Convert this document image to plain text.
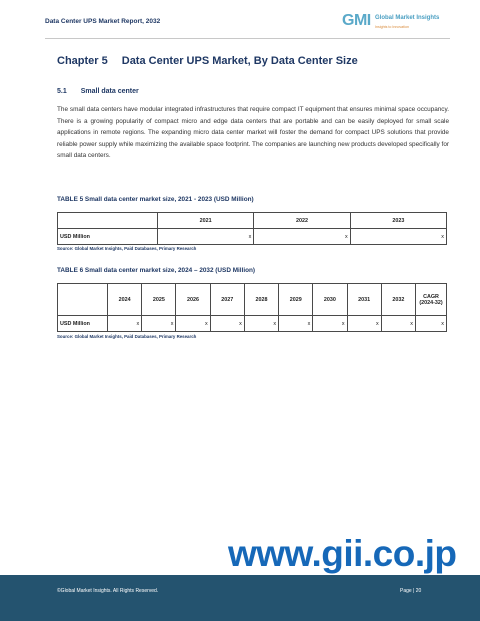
Data Center UPS Market Report, 2032	GMI Global Market Insights
Insights to Innovation
Chapter 5 Data Center UPS Market, By Data Center Size
5.1 Small data center
The small data centers have modular integrated infrastructures that require compact IT equipment that ensures minimal space occupancy. There is a growing popularity of compact micro and edge data centers that are portable and can be easily deployed for small scale applications in remote regions. The expanding micro data center market will foster the demand for compact UPS solutions that provide reliable power supply while maximizing the available space footprint. The companies are launching new products developed specifically for small data centers.
TABLE 5 Small data center market size, 2021 - 2023 (USD Million)
	2021	2022	2023
USD Million	x	x	x
Source: Global Market Insights, Paid Databases, Primary Research
TABLE 6 Small data center market size, 2024 – 2032 (USD Million)
	2024	2025	2026	2027	2028	2029	2030	2031	2032	CAGR (2024-32)
USD Million	x	x	x	x	x	x	x	x	x	x
Source: Global Market Insights, Paid Databases, Primary Research
www.gii.co.jp
©Global Market Insights. All Rights Reserved.	Page | 20
